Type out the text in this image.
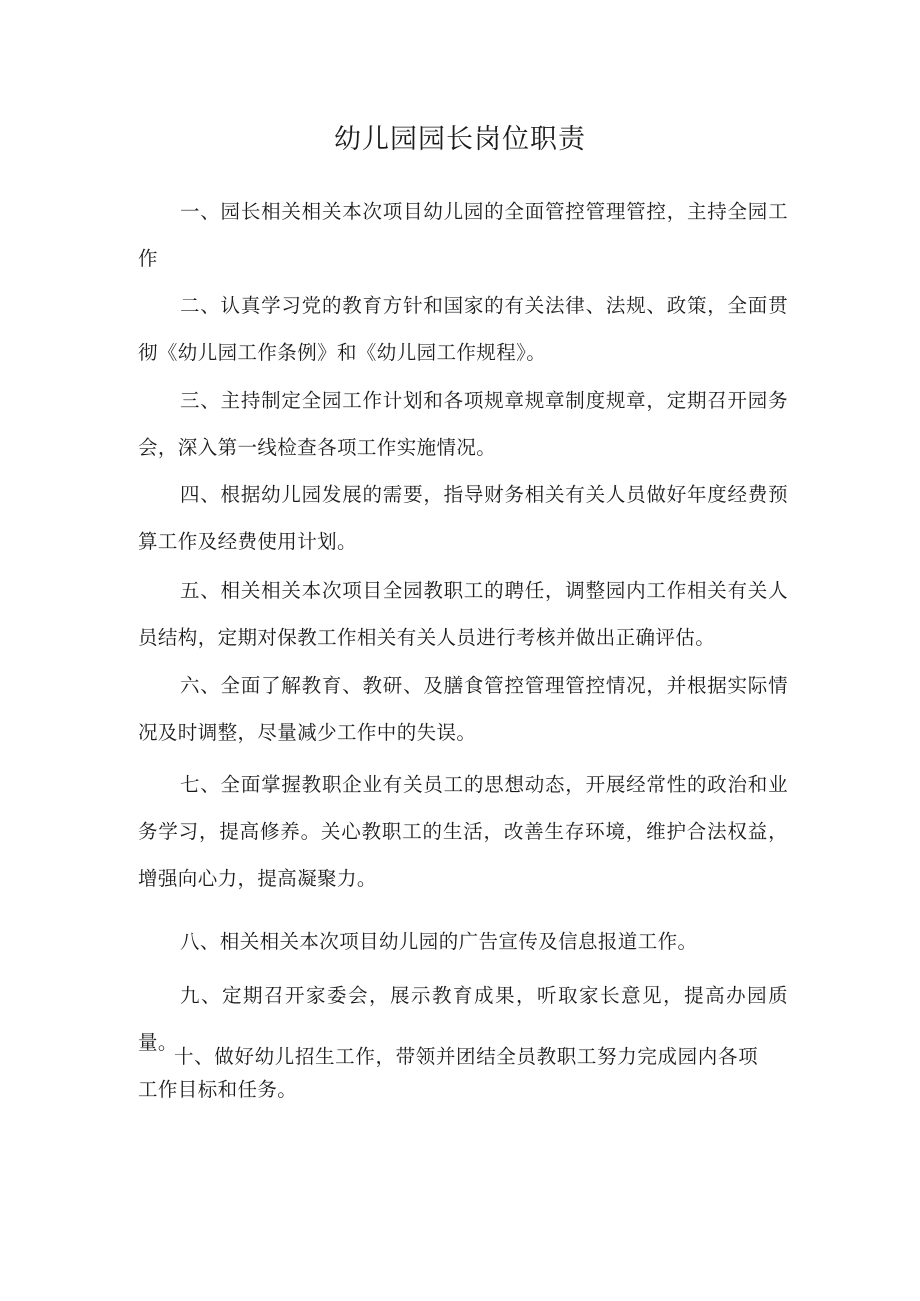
幼儿园园长岗位职责

一、园长相关相关本次项目幼儿园的全面管控管理管控，主持全园工作

二、认真学习党的教育方针和国家的有关法律、法规、政策，全面贯彻《幼儿园工作条例》和《幼儿园工作规程》。

三、主持制定全园工作计划和各项规章规章制度规章，定期召开园务会，深入第一线检查各项工作实施情况。

四、根据幼儿园发展的需要，指导财务相关有关人员做好年度经费预算工作及经费使用计划。

五、相关相关本次项目全园教职工的聘任，调整园内工作相关有关人员结构，定期对保教工作相关有关人员进行考核并做出正确评估。

六、全面了解教育、教研、及膳食管控管理管控情况，并根据实际情况及时调整，尽量减少工作中的失误。

七、全面掌握教职企业有关员工的思想动态，开展经常性的政治和业务学习，提高修养。关心教职工的生活，改善生存环境，维护合法权益，增强向心力，提高凝聚力。

八、相关相关本次项目幼儿园的广告宣传及信息报道工作。

九、定期召开家委会，展示教育成果，听取家长意见，提高办园质量。

十、做好幼儿招生工作，带领并团结全员教职工努力完成园内各项工作目标和任务。
